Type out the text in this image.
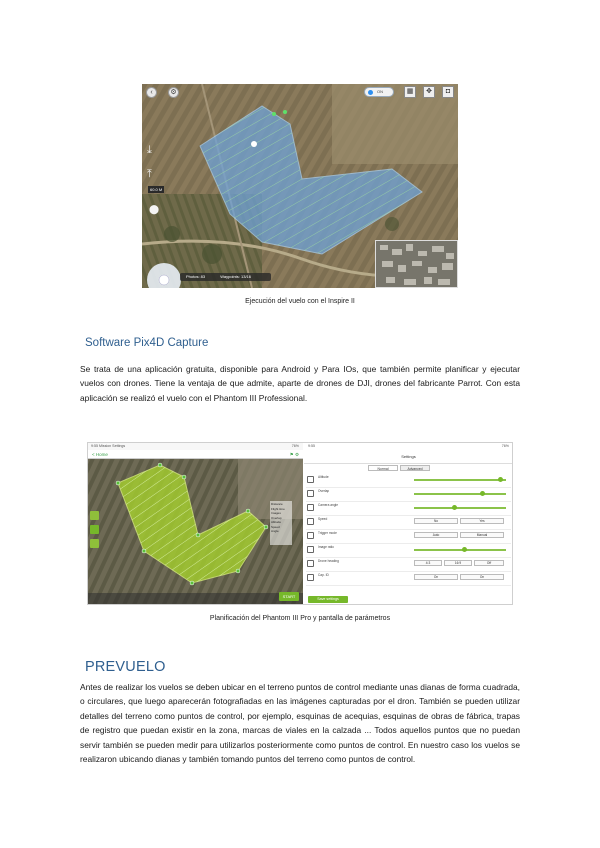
‹	⚙	ON	▦	✥	◘
⤓
⤒
60.0 M
⬤
Photos: 83	Waypoints: 13/16
Ejecución del vuelo con el Inspire II
Software Pix4D Capture

Se trata de una aplicación gratuita, disponible para Android y Para IOs, que también permite planificar y ejecutar vuelos con drones. Tiene la ventaja de que admite, aparte de drones de DJI, drones del fabricante Parrot. Con esta aplicación se realizó el vuelo con el Phantom III Professional.

9:55 Mission Settings	76%
< Home	⚑ ⚙
Distance
Flight time
Images
Overlap
Altitude
Speed
Angle
START
9:55	76%
Settings
Normal	Advanced
Altitude
Overlap
Camera angle
Speed	No	Yes
Trigger mode	Auto	Manual
Image ratio
Drone heading	4:3	16:9	Off
Cap. ID	On	On
Save settings
Planificación del Phantom III Pro y pantalla de parámetros
PREVUELO

Antes de realizar los vuelos se deben ubicar en el terreno puntos de control mediante unas dianas de forma cuadrada, o circulares, que luego aparecerán fotografiadas en las imágenes capturadas por el dron. También se pueden utilizar detalles del terreno como puntos de control, por ejemplo, esquinas de acequias, esquinas de obras de fábrica, trapas de registro que puedan existir en la zona, marcas de viales en la calzada ... Todos aquellos puntos que no puedan servir también se pueden medir para utilizarlos posteriormente como puntos de control. En nuestro caso los vuelos se realizaron ubicando dianas y también tomando puntos del terreno como puntos de control.
